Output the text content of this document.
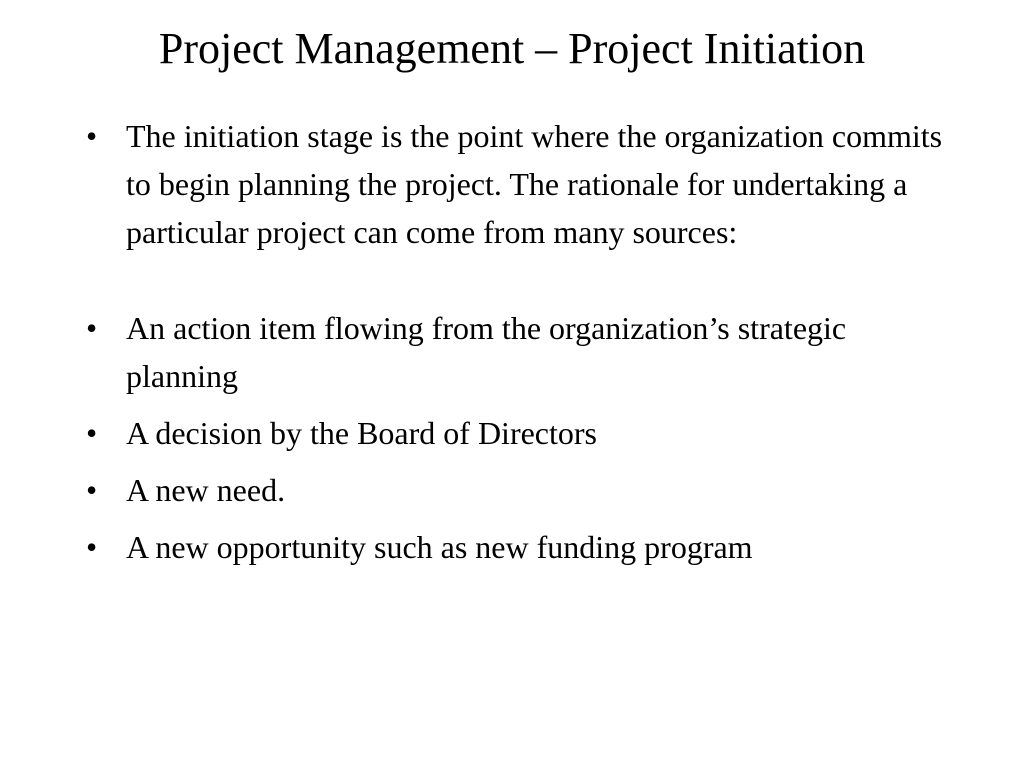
Project Management – Project Initiation
• The initiation stage is the point where the organization commits to begin planning the project. The rationale for undertaking a particular project can come from many sources:
• An action item flowing from the organization’s strategic planning
• A decision by the Board of Directors
• A new need.
• A new opportunity such as new funding program
